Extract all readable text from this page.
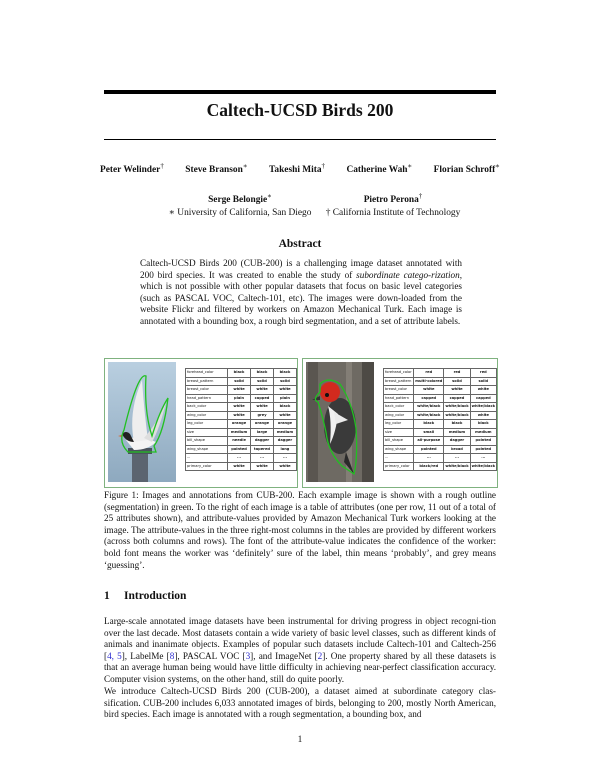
Caltech-UCSD Birds 200
Peter Welinder† Steve Branson∗ Takeshi Mita† Catherine Wah∗ Florian Schroff∗
Serge Belongie∗
∗ University of California, San Diego
Pietro Perona†
† California Institute of Technology
Abstract
Caltech-UCSD Birds 200 (CUB-200) is a challenging image dataset annotated with 200 bird species. It was created to enable the study of subordinate catego-rization, which is not possible with other popular datasets that focus on basic level categories (such as PASCAL VOC, Caltech-101, etc). The images were down-loaded from the website Flickr and filtered by workers on Amazon Mechanical Turk. Each image is annotated with a bounding box, a rough bird segmentation, and a set of attribute labels.
forehead_color	black	black	black
breast_pattern	solid	solid	solid
breast_color	white	white	white
head_pattern	plain	capped	plain
back_color	white	white	black
wing_color	white	grey	white
leg_color	orange	orange	orange
size	medium	large	medium
bill_shape	needle	dagger	dagger
wing_shape	pointed	tapered	long
...	...	...	...
primary_color	white	white	white
forehead_color	red	red	red
breast_pattern	multi-colored	solid	solid
breast_color	white	white	white
head_pattern	capped	capped	capped
back_color	white/black	white/black	white/black
wing_color	white/black	white/black	white
leg_color	black	black	black
size	small	medium	medium
bill_shape	all-purpose	dagger	pointed
wing_shape	pointed	broad	pointed
...	...	...	...
primary_color	black/red	white/black	white/black
Figure 1: Images and annotations from CUB-200. Each example image is shown with a rough outline (segmentation) in green. To the right of each image is a table of attributes (one per row, 11 out of a total of 25 attributes shown), and attribute-values provided by Amazon Mechanical Turk workers looking at the image. The attribute-values in the three right-most columns in the tables are provided by different workers (across both columns and rows). The font of the attribute-value indicates the confidence of the worker: bold font means the worker was ‘definitely’ sure of the label, thin means ‘probably’, and grey means ‘guessing’.
1 Introduction
Large-scale annotated image datasets have been instrumental for driving progress in object recogni-tion over the last decade. Most datasets contain a wide variety of basic level classes, such as different kinds of animals and inanimate objects. Examples of popular such datasets include Caltech-101 and Caltech-256 [4, 5], LabelMe [8], PASCAL VOC [3], and ImageNet [2]. One property shared by all these datasets is that an average human being would have little difficulty in achieving near-perfect classification accuracy. Computer vision systems, on the other hand, still do quite poorly.
We introduce Caltech-UCSD Birds 200 (CUB-200), a dataset aimed at subordinate category clas-sification. CUB-200 includes 6,033 annotated images of birds, belonging to 200, mostly North American, bird species. Each image is annotated with a rough segmentation, a bounding box, and
1
